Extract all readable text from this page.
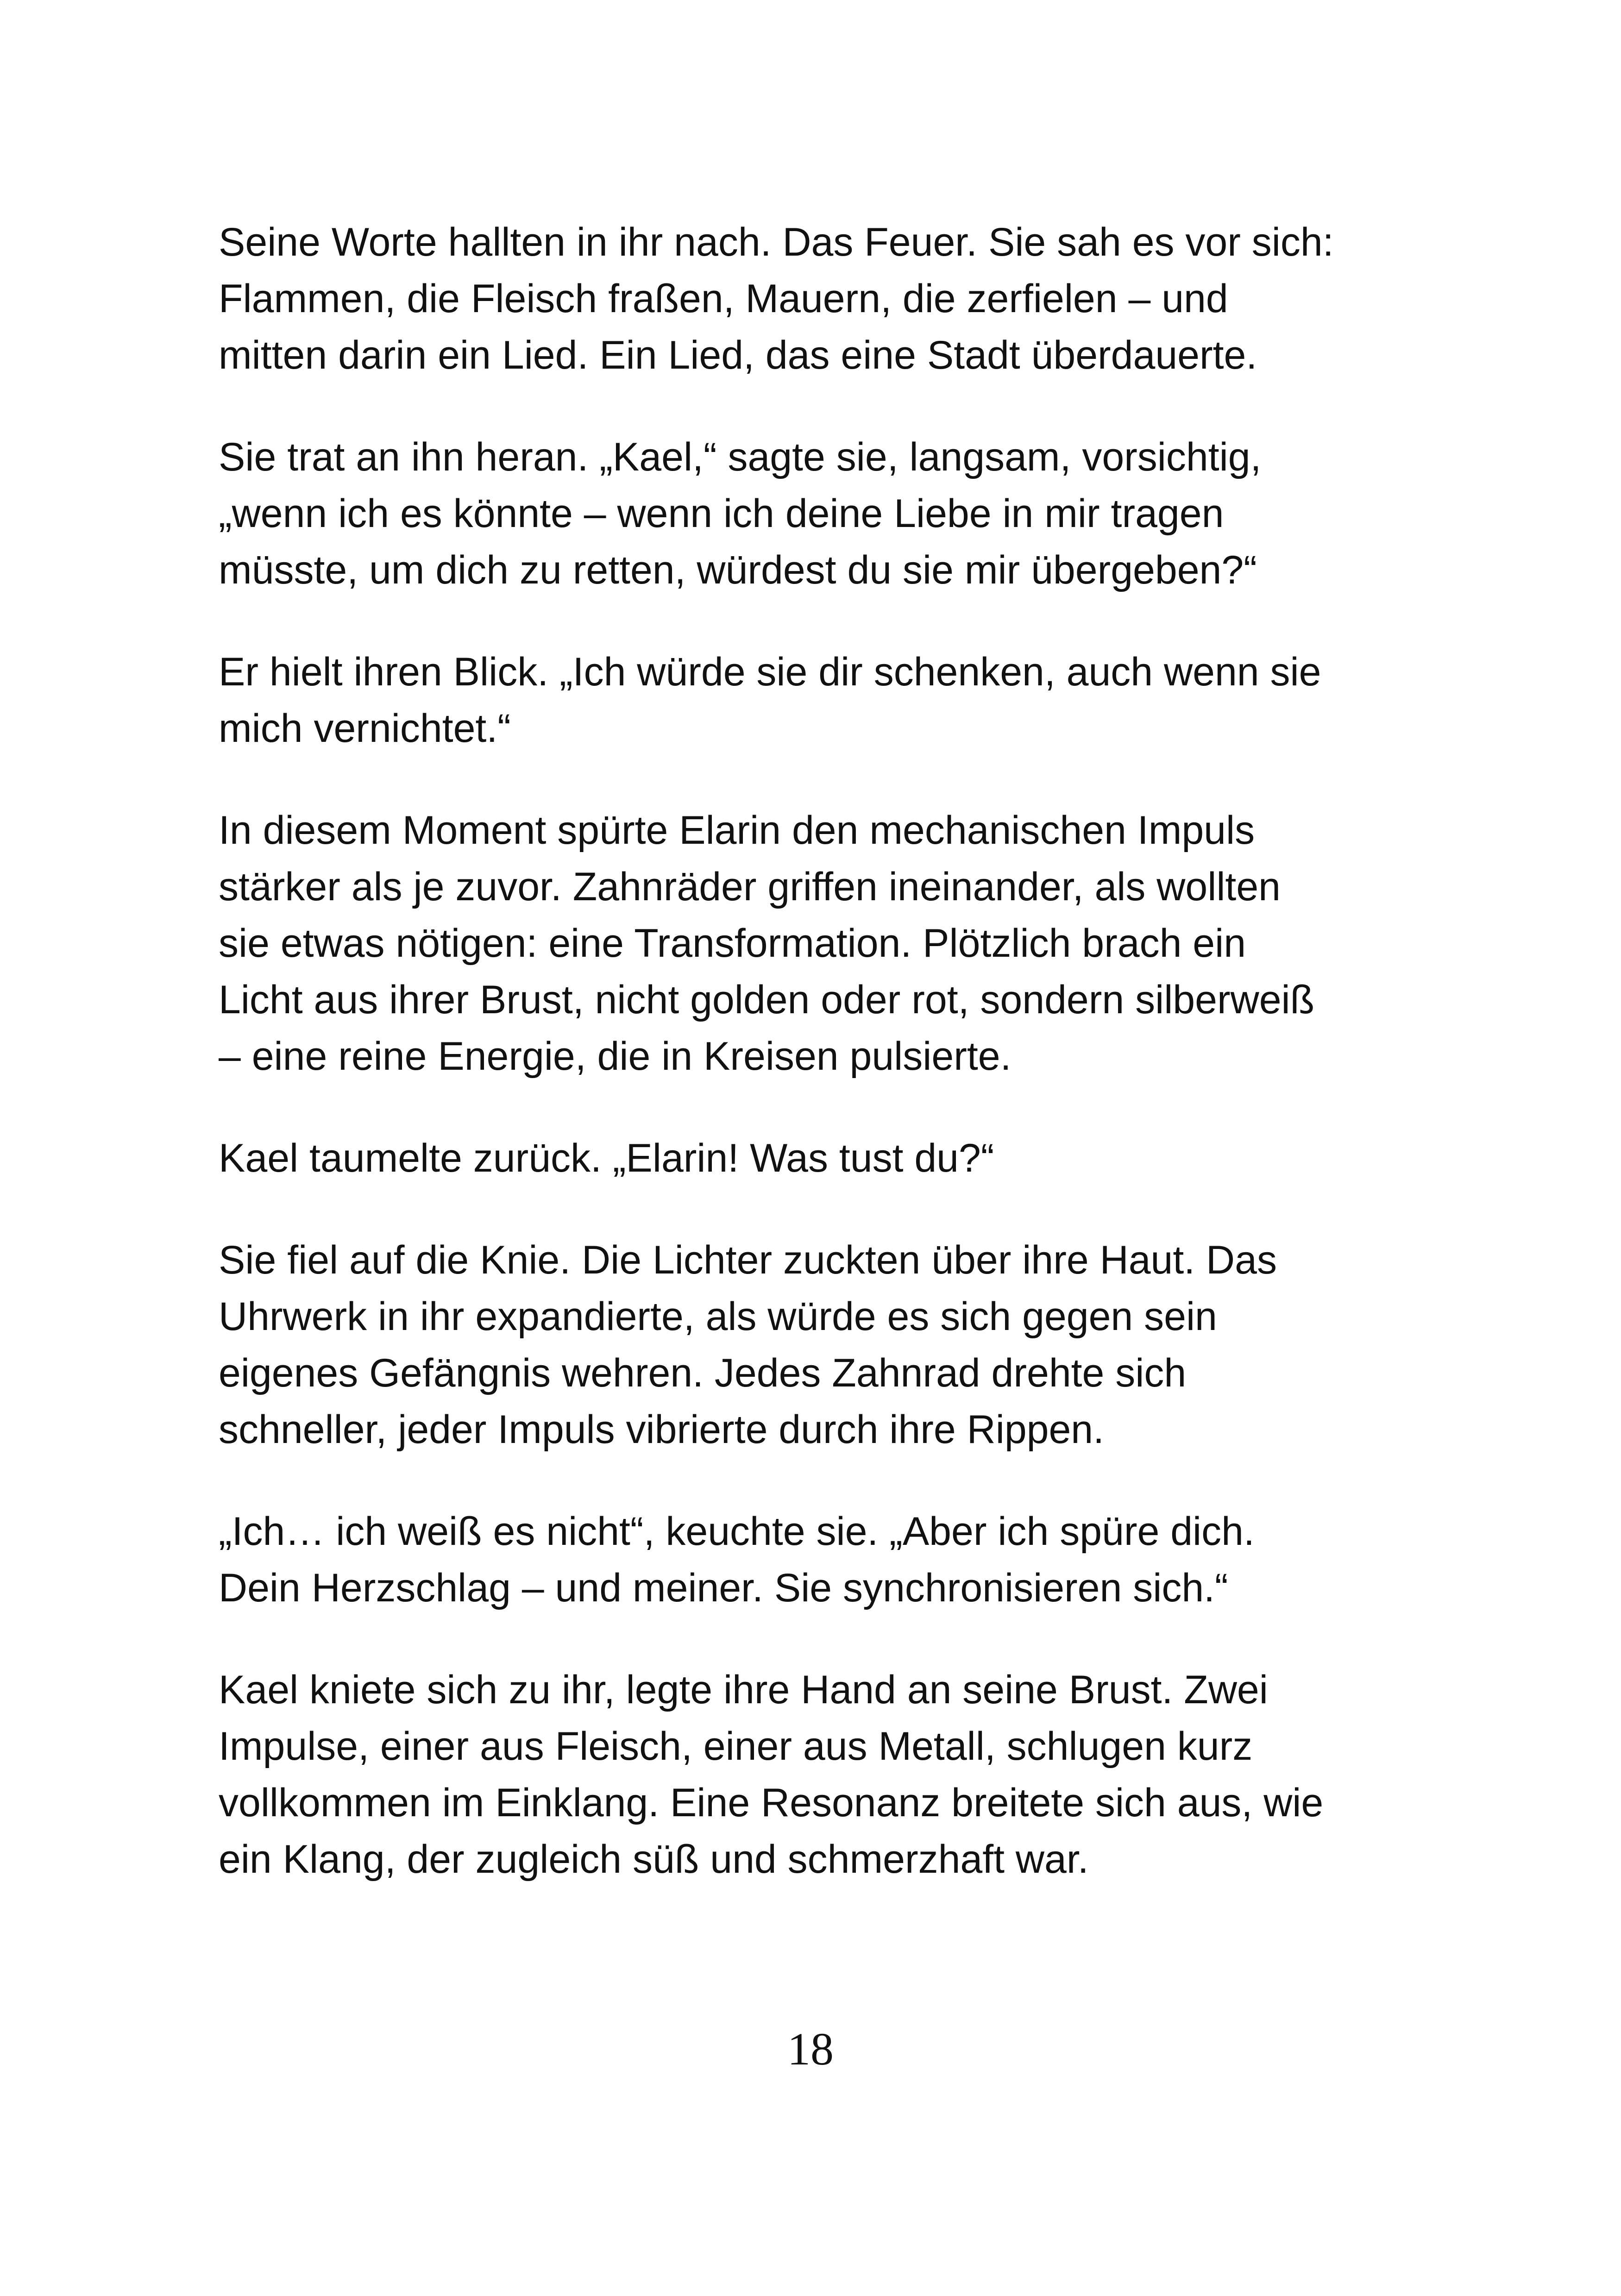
Seine Worte hallten in ihr nach. Das Feuer. Sie sah es vor sich:
Flammen, die Fleisch fraßen, Mauern, die zerfielen – und
mitten darin ein Lied. Ein Lied, das eine Stadt überdauerte.

Sie trat an ihn heran. „Kael,“ sagte sie, langsam, vorsichtig,
„wenn ich es könnte – wenn ich deine Liebe in mir tragen
müsste, um dich zu retten, würdest du sie mir übergeben?“

Er hielt ihren Blick. „Ich würde sie dir schenken, auch wenn sie
mich vernichtet.“

In diesem Moment spürte Elarin den mechanischen Impuls
stärker als je zuvor. Zahnräder griffen ineinander, als wollten
sie etwas nötigen: eine Transformation. Plötzlich brach ein
Licht aus ihrer Brust, nicht golden oder rot, sondern silberweiß
– eine reine Energie, die in Kreisen pulsierte.

Kael taumelte zurück. „Elarin! Was tust du?“

Sie fiel auf die Knie. Die Lichter zuckten über ihre Haut. Das
Uhrwerk in ihr expandierte, als würde es sich gegen sein
eigenes Gefängnis wehren. Jedes Zahnrad drehte sich
schneller, jeder Impuls vibrierte durch ihre Rippen.

„Ich… ich weiß es nicht“, keuchte sie. „Aber ich spüre dich.
Dein Herzschlag – und meiner. Sie synchronisieren sich.“

Kael kniete sich zu ihr, legte ihre Hand an seine Brust. Zwei
Impulse, einer aus Fleisch, einer aus Metall, schlugen kurz
vollkommen im Einklang. Eine Resonanz breitete sich aus, wie
ein Klang, der zugleich süß und schmerzhaft war.

18
